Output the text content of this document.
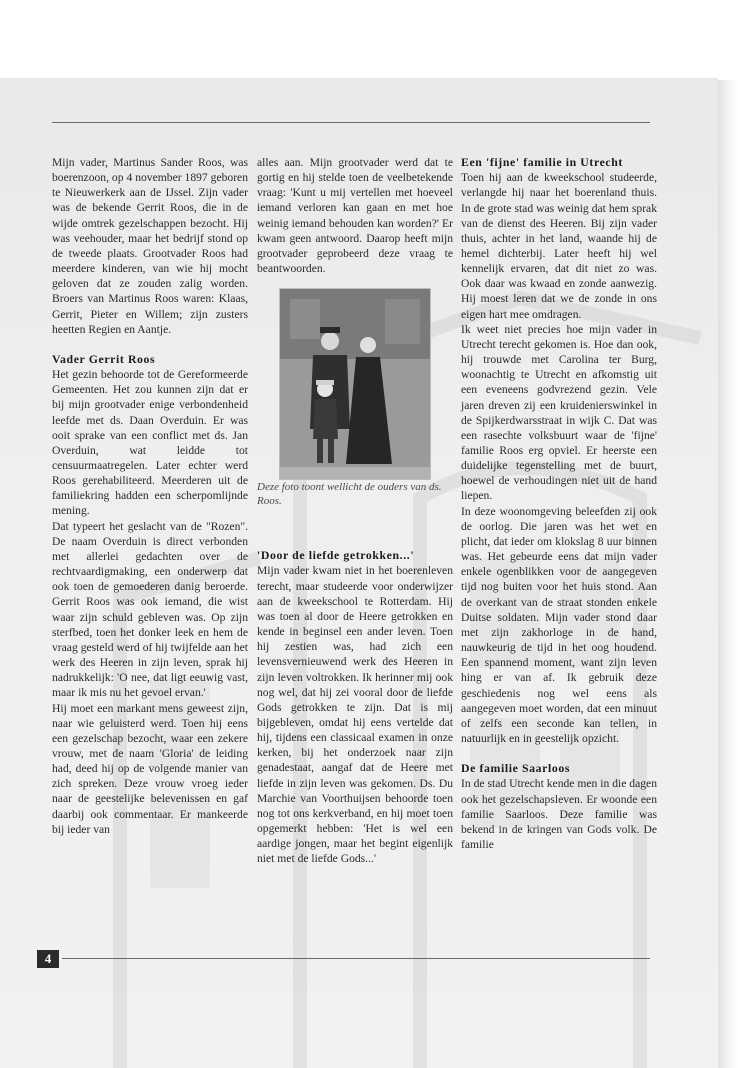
Mijn vader, Martinus Sander Roos, was boerenzoon, op 4 november 1897 geboren te Nieuwerkerk aan de IJssel. Zijn vader was de bekende Gerrit Roos, die in de wijde omtrek gezelschappen bezocht. Hij was veehouder, maar het bedrijf stond op de tweede plaats. Grootvader Roos had meerdere kinderen, van wie hij mocht geloven dat ze zouden zalig worden. Broers van Martinus Roos waren: Klaas, Gerrit, Pieter en Willem; zijn zusters heetten Regien en Aantje.

Vader Gerrit Roos

Het gezin behoorde tot de Gereformeerde Gemeenten. Het zou kunnen zijn dat er bij mijn grootvader enige verbondenheid leefde met ds. Daan Overduin. Er was ooit sprake van een conflict met ds. Jan Overduin, wat leidde tot censuurmaatregelen. Later echter werd Roos gerehabiliteerd. Meerderen uit de familiekring hadden een scherpomlijnde mening.

Dat typeert het geslacht van de "Rozen". De naam Overduin is direct verbonden met allerlei gedachten over de rechtvaardigmaking, een onderwerp dat ook toen de gemoederen danig beroerde. Gerrit Roos was ook iemand, die wist waar zijn schuld gebleven was. Op zijn sterfbed, toen het donker leek en hem de vraag gesteld werd of hij twijfelde aan het werk des Heeren in zijn leven, sprak hij nadrukkelijk: 'O nee, dat ligt eeuwig vast, maar ik mis nu het gevoel ervan.'

Hij moet een markant mens geweest zijn, naar wie geluisterd werd. Toen hij eens een gezelschap bezocht, waar een zekere vrouw, met de naam 'Gloria' de leiding had, deed hij op de volgende manier van zich spreken. Deze vrouw vroeg ieder naar de geestelijke belevenissen en gaf daarbij ook commentaar. Er mankeerde bij ieder van

alles aan. Mijn grootvader werd dat te gortig en hij stelde toen de veelbetekende vraag: 'Kunt u mij vertellen met hoeveel iemand verloren kan gaan en met hoe weinig iemand behouden kan worden?' Er kwam geen antwoord. Daarop heeft mijn grootvader geprobeerd deze vraag te beantwoorden.

Deze foto toont wellicht de ouders van ds. Roos.

'Door de liefde getrokken...'

Mijn vader kwam niet in het boerenleven terecht, maar studeerde voor onderwijzer aan de kweekschool te Rotterdam. Hij was toen al door de Heere getrokken en kende in beginsel een ander leven. Toen hij zestien was, had zich een levensvernieuwend werk des Heeren in zijn leven voltrokken. Ik herinner mij ook nog wel, dat hij zei vooral door de liefde Gods getrokken te zijn. Dat is mij bijgebleven, omdat hij eens vertelde dat hij, tijdens een classicaal examen in onze kerken, bij het onderzoek naar zijn genadestaat, aangaf dat de Heere met liefde in zijn leven was gekomen. Ds. Du Marchie van Voorthuijsen behoorde toen nog tot ons kerkverband, en hij moet toen opgemerkt hebben: 'Het is wel een aardige jongen, maar het begint eigenlijk niet met de liefde Gods...'

Een 'fijne' familie in Utrecht

Toen hij aan de kweekschool studeerde, verlangde hij naar het boerenland thuis. In de grote stad was weinig dat hem sprak van de dienst des Heeren. Bij zijn vader thuis, achter in het land, waande hij de hemel dichterbij. Later heeft hij wel kennelijk ervaren, dat dit niet zo was. Ook daar was kwaad en zonde aanwezig. Hij moest leren dat we de zonde in ons eigen hart mee omdragen.

Ik weet niet precies hoe mijn vader in Utrecht terecht gekomen is. Hoe dan ook, hij trouwde met Carolina ter Burg, woonachtig te Utrecht en afkomstig uit een eveneens godvrezend gezin. Vele jaren dreven zij een kruidenierswinkel in de Spijkerdwarsstraat in wijk C. Dat was een rasechte volksbuurt waar de 'fijne' familie Roos erg opviel. Er heerste een duidelijke tegenstelling met de buurt, hoewel de verhoudingen niet uit de hand liepen.

In deze woonomgeving beleefden zij ook de oorlog. Die jaren was het wet en plicht, dat ieder om klokslag 8 uur binnen was. Het gebeurde eens dat mijn vader enkele ogenblikken voor de aangegeven tijd nog buiten voor het huis stond. Aan de overkant van de straat stonden enkele Duitse soldaten. Mijn vader stond daar met zijn zakhorloge in de hand, nauwkeurig de tijd in het oog houdend. Een spannend moment, want zijn leven hing er van af. Ik gebruik deze geschiedenis nog wel eens als aangegeven moet worden, dat een minuut of zelfs een seconde kan tellen, in natuurlijk en in geestelijk opzicht.

De familie Saarloos

In de stad Utrecht kende men in die dagen ook het gezelschapsleven. Er woonde een familie Saarloos. Deze familie was bekend in de kringen van Gods volk. De familie

4
